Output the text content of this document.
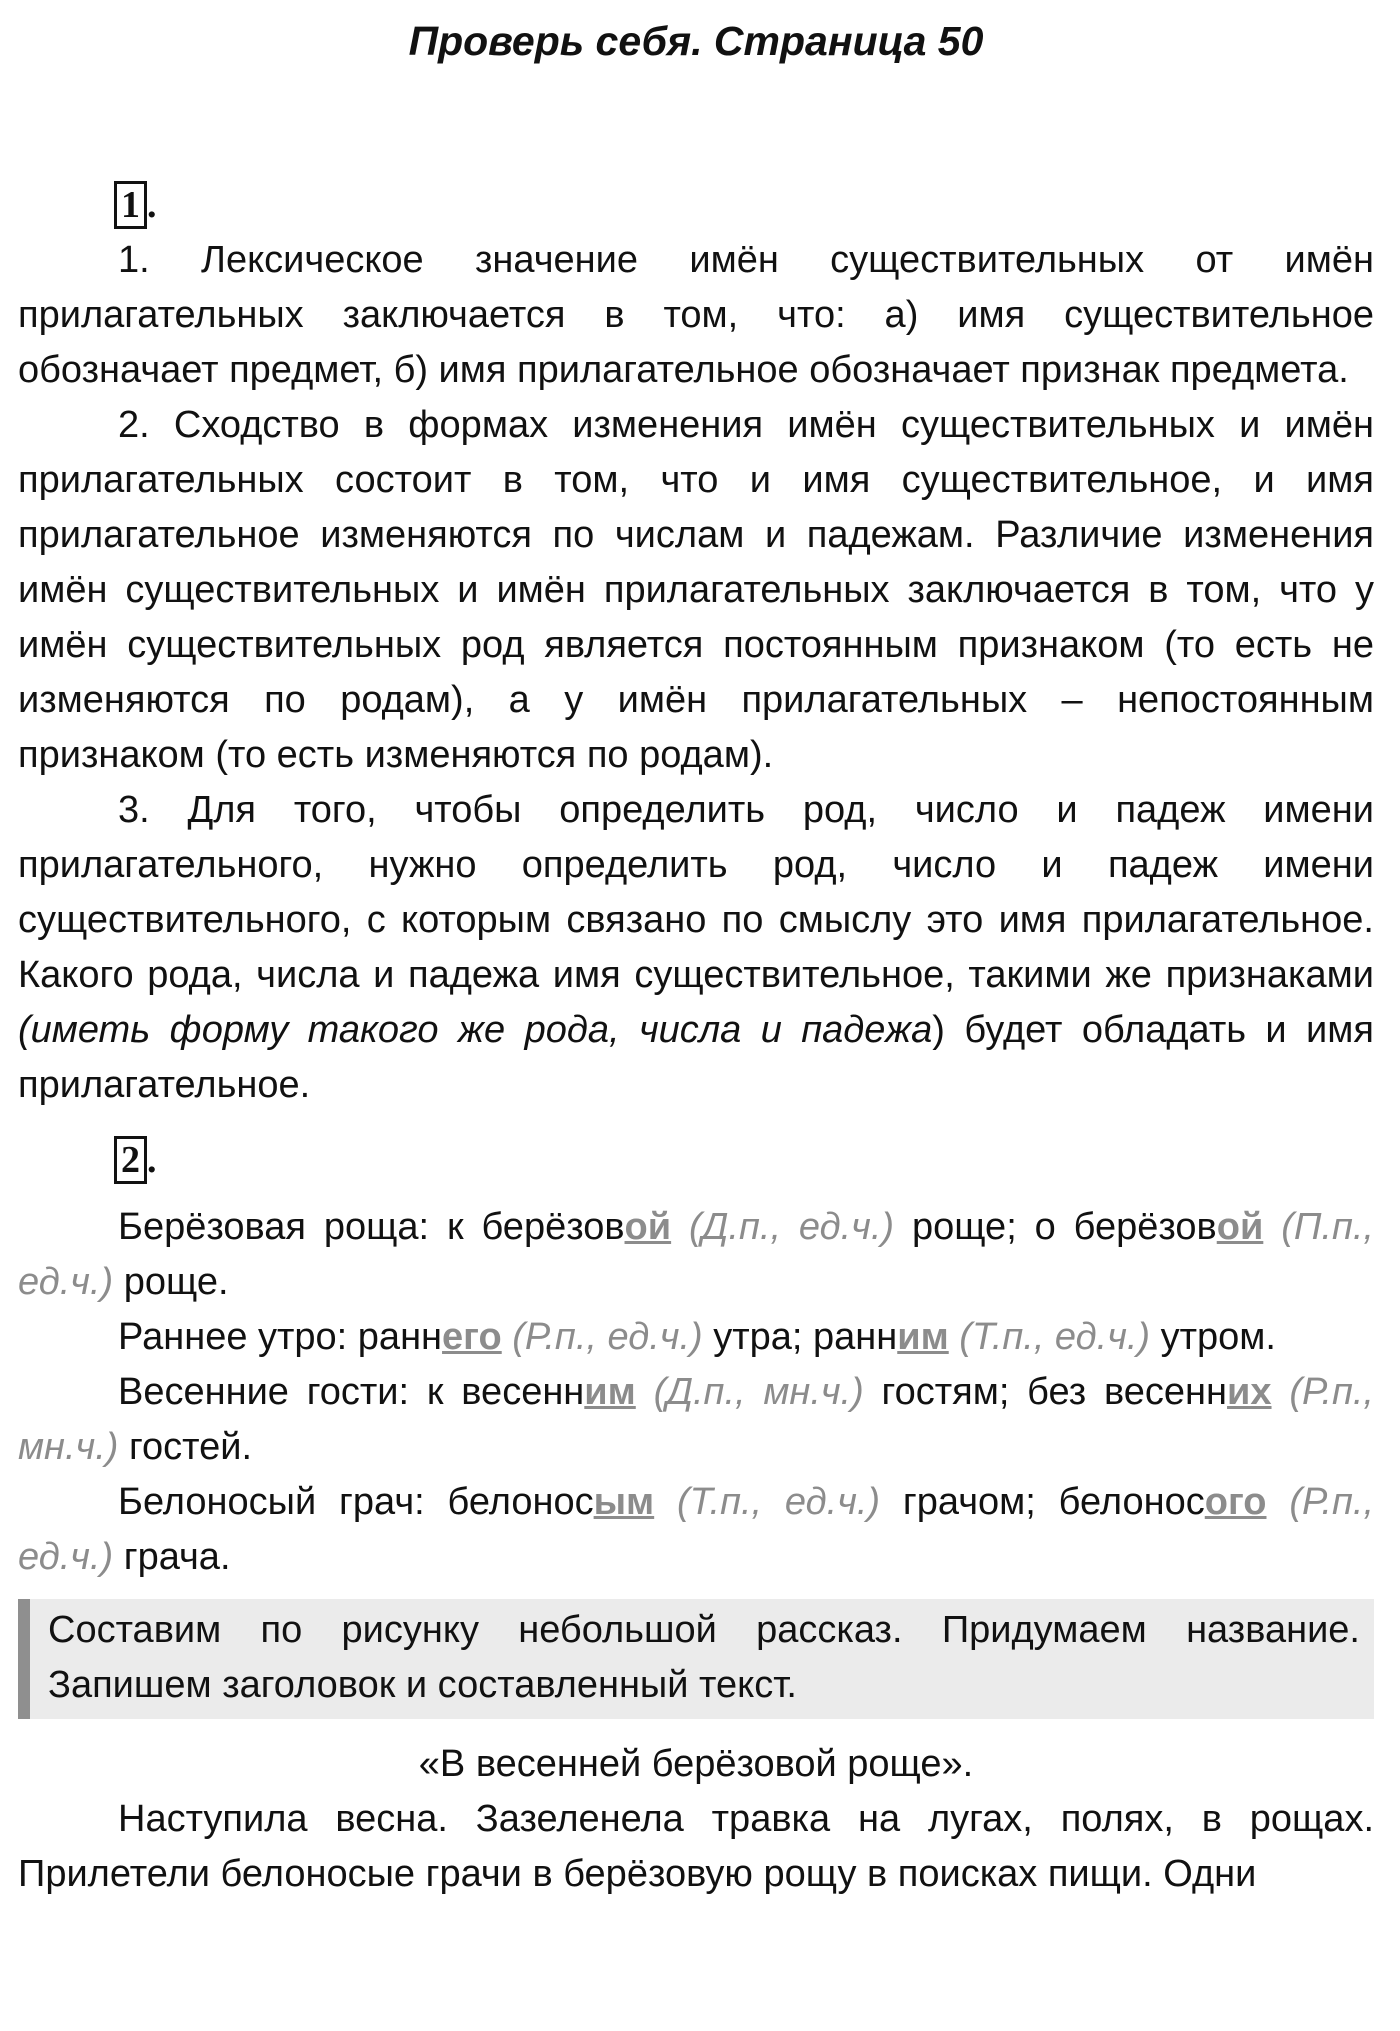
Проверь себя. Страница 50
1 .

1. Лексическое значение имён существительных от имён прилагательных заключается в том, что: а) имя существительное обозначает предмет, б) имя прилагательное обозначает признак предмета.

2. Сходство в формах изменения имён существительных и имён прилагательных состоит в том, что и имя существительное, и имя прилагательное изменяются по числам и падежам. Различие изменения имён существительных и имён прилагательных заключается в том, что у имён существительных род является постоянным признаком (то есть не изменяются по родам), а у имён прилагательных – непостоянным признаком (то есть изменяются по родам).

3. Для того, чтобы определить род, число и падеж имени прилагательного, нужно определить род, число и падеж имени существительного, с которым связано по смыслу это имя прилагательное. Какого рода, числа и падежа имя существительное, такими же признаками (иметь форму такого же рода, числа и падежа) будет обладать и имя прилагательное.

2 .

Берёзовая роща: к берёзовой (Д.п., ед.ч.) роще; о берёзовой (П.п., ед.ч.) роще.

Раннее утро: раннего (Р.п., ед.ч.) утра; ранним (Т.п., ед.ч.) утром.

Весенние гости: к весенним (Д.п., мн.ч.) гостям; без весенних (Р.п., мн.ч.) гостей.

Белоносый грач: белоносым (Т.п., ед.ч.) грачом; белоносого (Р.п., ед.ч.) грача.

Составим по рисунку небольшой рассказ. Придумаем название. Запишем заголовок и составленный текст.
«В весенней берёзовой роще».

Наступила весна. Зазеленела травка на лугах, полях, в рощах. Прилетели белоносые грачи в берёзовую рощу в поисках пищи. Одни
